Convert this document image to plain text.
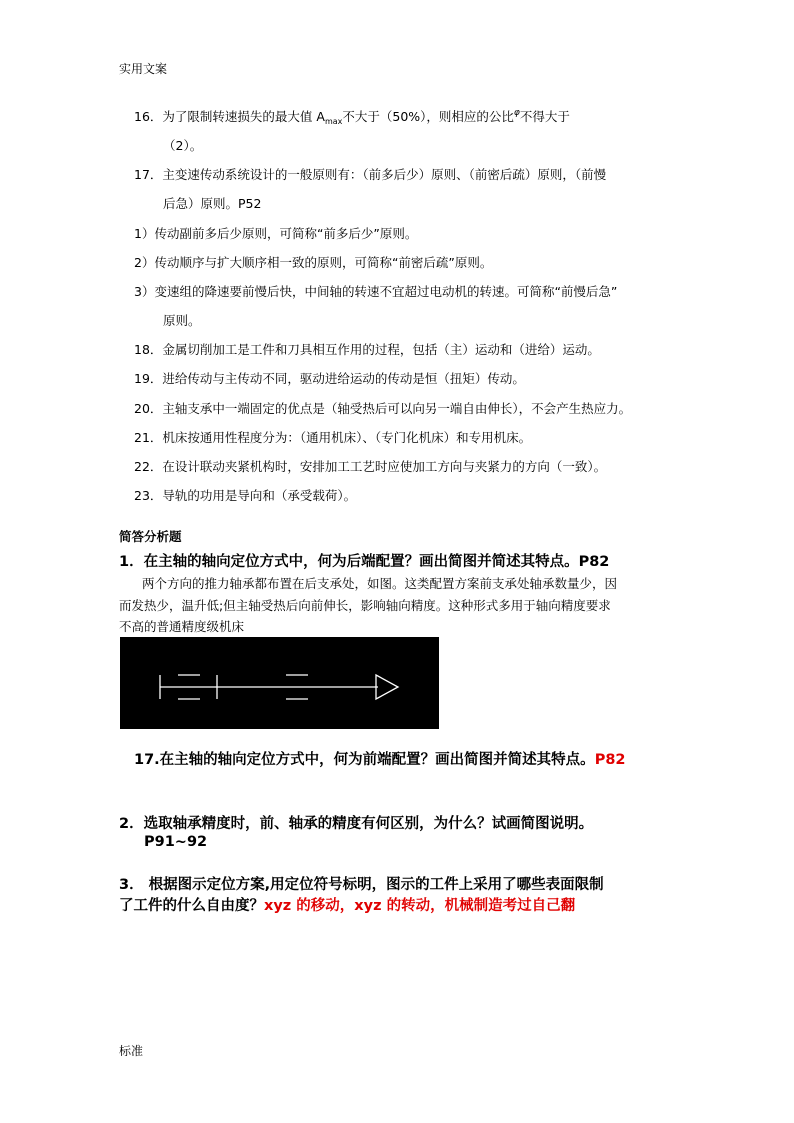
实用文案
16．为了限制转速损失的最大值 $A_{max}$不大于（50%），则相应的公比$^\varphi$不得大于
（2）。
17．主变速传动系统设计的一般原则有：（前多后少）原则、（前密后疏）原则，（前慢
后急）原则。P52
1）传动副前多后少原则，可简称“前多后少”原则。
2）传动顺序与扩大顺序相一致的原则，可简称“前密后疏”原则。
3）变速组的降速要前慢后快，中间轴的转速不宜超过电动机的转速。可简称“前慢后急”
原则。
18．金属切削加工是工件和刀具相互作用的过程，包括（主）运动和（进给）运动。
19．进给传动与主传动不同，驱动进给运动的传动是恒（扭矩）传动。
20．主轴支承中一端固定的优点是（轴受热后可以向另一端自由伸长），不会产生热应力。
21．机床按通用性程度分为：（通用机床）、（专门化机床）和专用机床。
22．在设计联动夹紧机构时，安排加工工艺时应使加工方向与夹紧力的方向（一致）。
23．导轨的功用是导向和（承受载荷）。
简答分析题
1．在主轴的轴向定位方式中，何为后端配置？画出简图并简述其特点。P82
两个方向的推力轴承都布置在后支承处，如图。这类配置方案前支承处轴承数量少，因
而发热少，温升低;但主轴受热后向前伸长，影响轴向精度。这种形式多用于轴向精度要求
不高的普通精度级机床
17.在主轴的轴向定位方式中，何为前端配置？画出简图并简述其特点。P82
2．选取轴承精度时，前、轴承的精度有何区别，为什么？试画简图说明。
P91~92
3． 根据图示定位方案,用定位符号标明，图示的工件上采用了哪些表面限制
了工件的什么自由度？xyz 的移动，xyz 的转动，机械制造考过自己翻
标准
